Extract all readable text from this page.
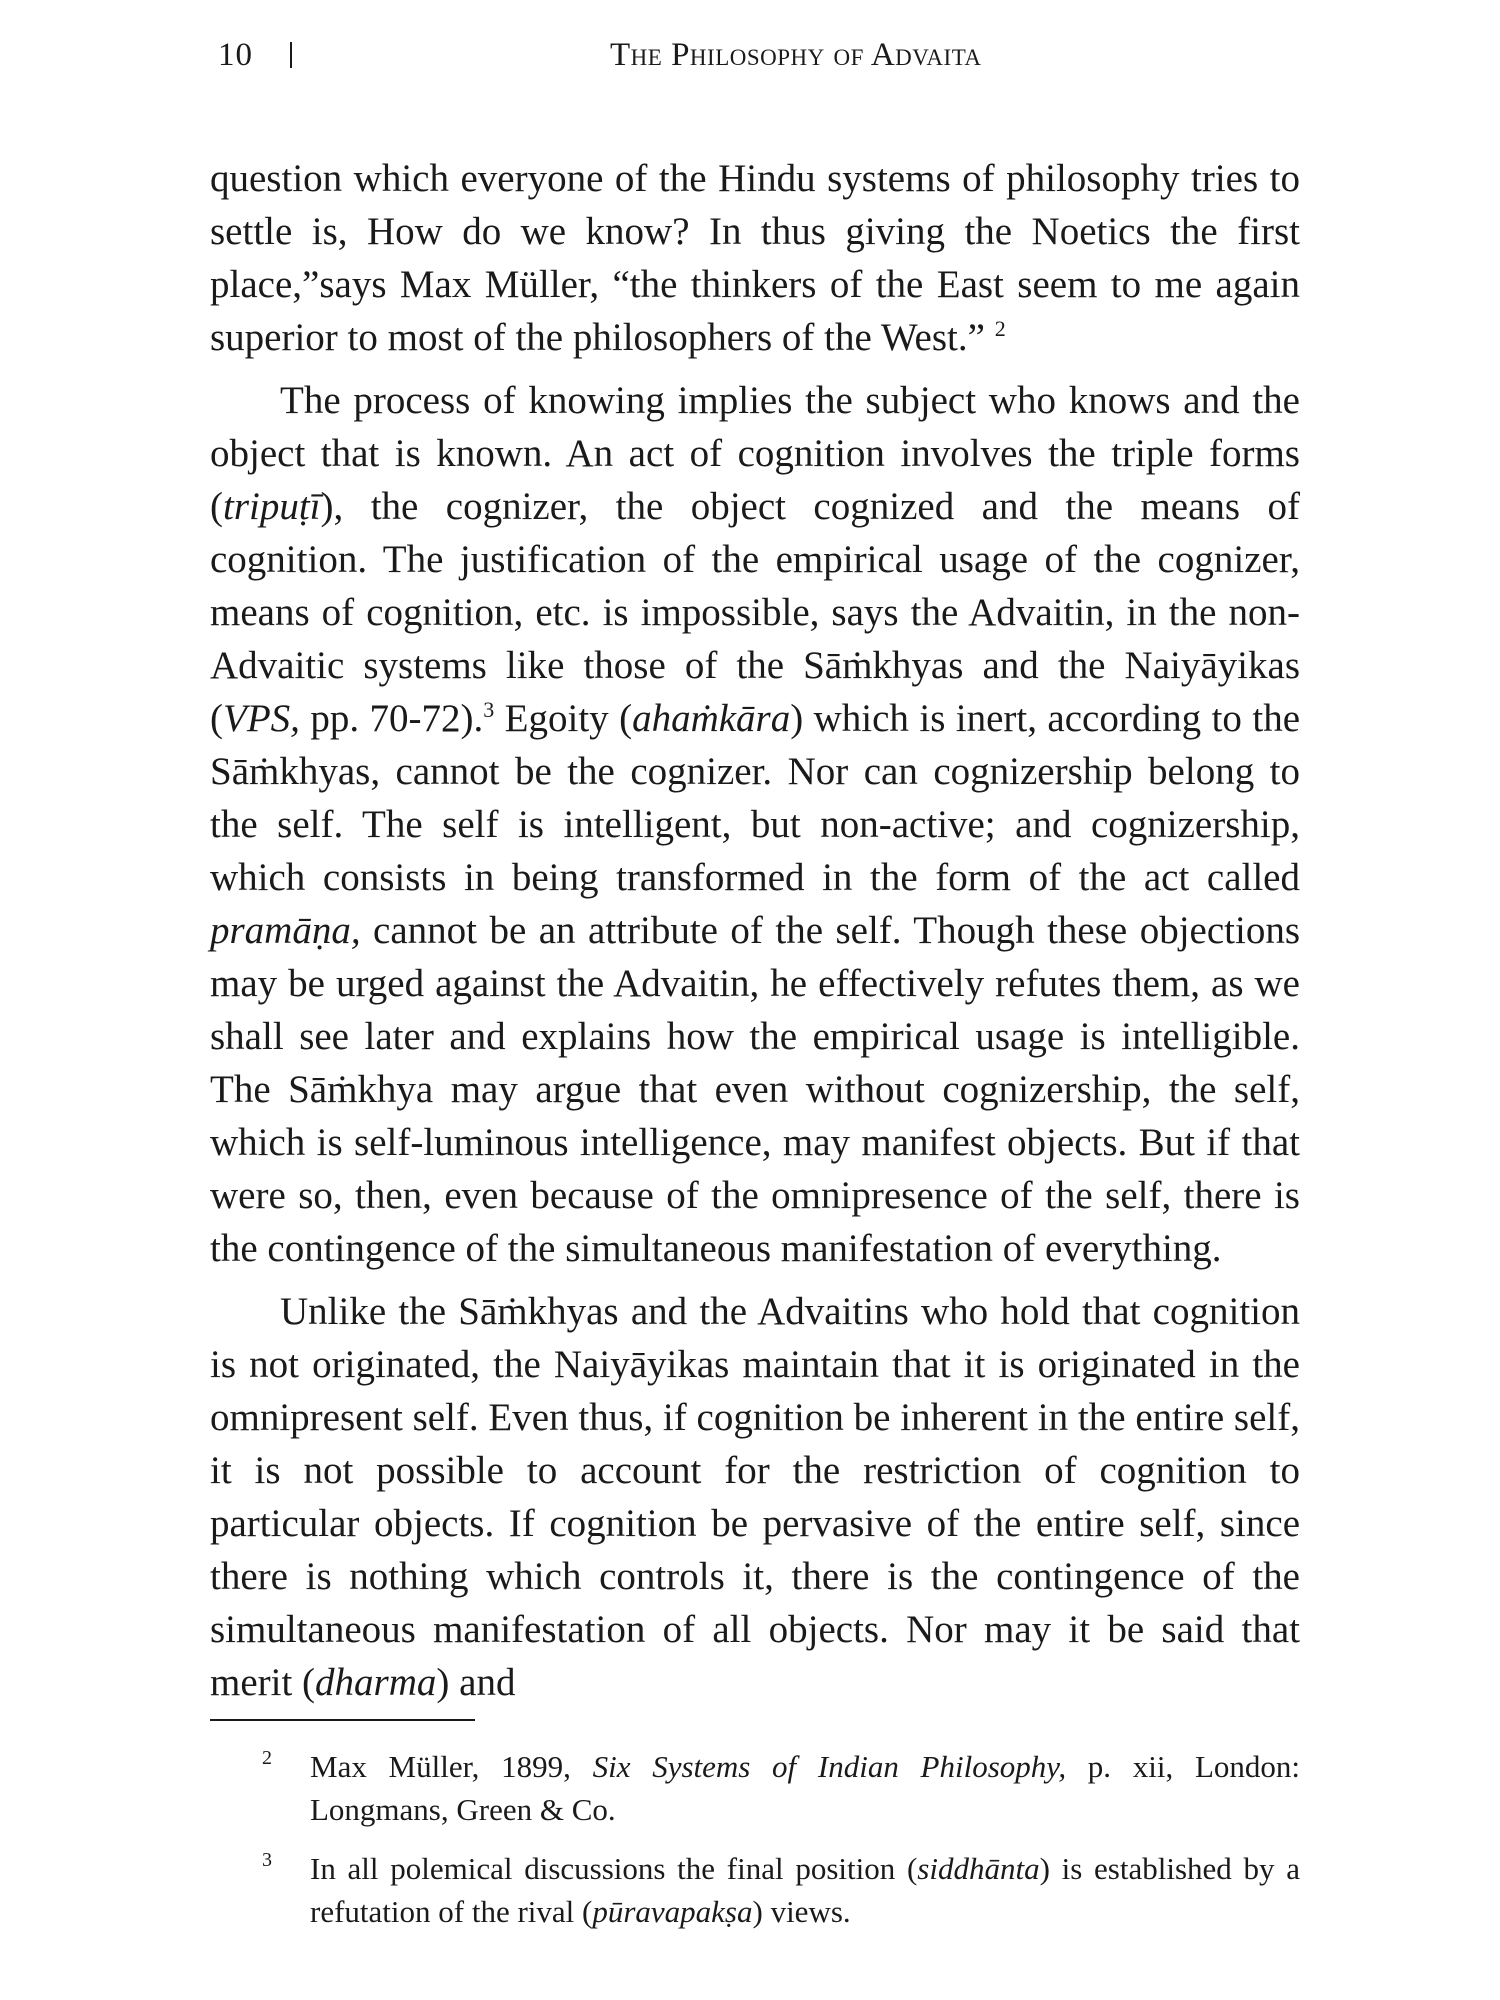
10	The Philosophy of Advaita

question which everyone of the Hindu systems of philosophy tries to settle is, How do we know? In thus giving the Noetics the first place,”says Max Müller, “the thinkers of the East seem to me again superior to most of the philosophers of the West.” $^2$

The process of knowing implies the subject who knows and the object that is known. An act of cognition involves the triple forms (tripuṭī), the cognizer, the object cognized and the means of cognition. The justification of the empirical usage of the cognizer, means of cognition, etc. is impossible, says the Advaitin, in the non-Advaitic systems like those of the Sāṁkhyas and the Naiyāyikas (VPS, pp. 70-72).$^3$ Egoity (ahaṁkāra) which is inert, according to the Sāṁkhyas, cannot be the cognizer. Nor can cognizership belong to the self. The self is intelligent, but non-active; and cognizership, which consists in being transformed in the form of the act called pramāṇa, cannot be an attribute of the self. Though these objections may be urged against the Advaitin, he effectively refutes them, as we shall see later and explains how the empirical usage is intelligible. The Sāṁkhya may argue that even without cognizership, the self, which is self-luminous intelligence, may manifest objects. But if that were so, then, even because of the omnipresence of the self, there is the contingence of the simultaneous manifestation of everything.

Unlike the Sāṁkhyas and the Advaitins who hold that cognition is not originated, the Naiyāyikas maintain that it is originated in the omnipresent self. Even thus, if cognition be inherent in the entire self, it is not possible to account for the restriction of cognition to particular objects. If cognition be pervasive of the entire self, since there is nothing which controls it, there is the contingence of the simultaneous manifestation of all objects. Nor may it be said that merit (dharma) and

2 Max Müller, 1899, Six Systems of Indian Philosophy, p. xii, London: Longmans, Green & Co.
3 In all polemical discussions the final position (siddhānta) is established by a refutation of the rival (pūravapakṣa) views.
